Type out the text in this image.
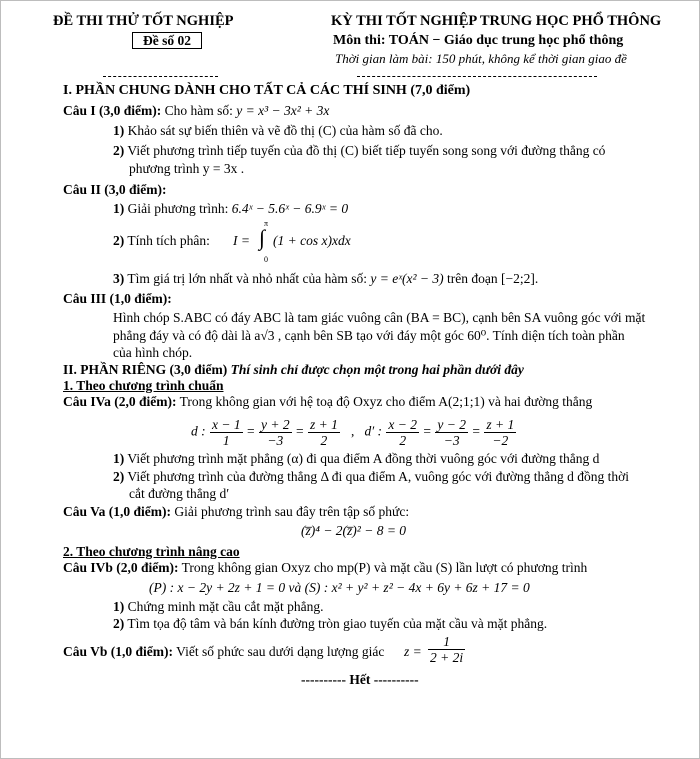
ĐỀ THI THỬ TỐT NGHIỆP
Đề số 02
KỲ THI TỐT NGHIỆP TRUNG HỌC PHỔ THÔNG
Môn thi: TOÁN − Giáo dục trung học phổ thông
Thời gian làm bài: 150 phút, không kể thời gian giao đề
I. PHẦN CHUNG DÀNH CHO TẤT CẢ CÁC THÍ SINH (7,0 điểm)
Câu I (3,0 điểm): Cho hàm số: y = x³ − 3x² + 3x
1) Khảo sát sự biến thiên và vẽ đồ thị (C) của hàm số đã cho.
2) Viết phương trình tiếp tuyến của đồ thị (C) biết tiếp tuyến song song với đường thẳng có
phương trình y = 3x .
Câu II (3,0 điểm):
1) Giải phương trình: 6.4ˣ − 5.6ˣ − 6.9ˣ = 0
2) Tính tích phân: I =
π
∫
0
(1 + cos x)xdx
3) Tìm giá trị lớn nhất và nhỏ nhất của hàm số: y = eˣ(x² − 3) trên đoạn [−2;2].
Câu III (1,0 điểm):
Hình chóp S.ABC có đáy ABC là tam giác vuông cân (BA = BC), cạnh bên SA vuông góc với mặt
phẳng đáy và có độ dài là a√3 , cạnh bên SB tạo với đáy một góc 60⁰. Tính diện tích toàn phần
của hình chóp.
II. PHẦN RIÊNG (3,0 điểm) Thí sinh chỉ được chọn một trong hai phần dưới đây
1. Theo chương trình chuẩn
Câu IVa (2,0 điểm): Trong không gian với hệ toạ độ Oxyz cho điểm A(2;1;1) và hai đường thẳng
d : $\frac{x - 1}{1} = \frac{y + 2}{-3} = \frac{z + 1}{2}$ , d′ : $\frac{x - 2}{2} = \frac{y - 2}{-3} = \frac{z + 1}{-2}$
1) Viết phương trình mặt phẳng (α) đi qua điểm A đồng thời vuông góc với đường thẳng d
2) Viết phương trình của đường thẳng Δ đi qua điểm A, vuông góc với đường thẳng d đồng thời
cắt đường thẳng d′
Câu Va (1,0 điểm): Giải phương trình sau đây trên tập số phức:
(z̅)⁴ − 2(z̅)² − 8 = 0
2. Theo chương trình nâng cao
Câu IVb (2,0 điểm): Trong không gian Oxyz cho mp(P) và mặt cầu (S) lần lượt có phương trình
(P) : x − 2y + 2z + 1 = 0 và (S) : x² + y² + z² − 4x + 6y + 6z + 17 = 0
1) Chứng minh mặt cầu cắt mặt phẳng.
2) Tìm tọa độ tâm và bán kính đường tròn giao tuyến của mặt cầu và mặt phẳng.
Câu Vb (1,0 điểm): Viết số phức sau dưới dạng lượng giác $z = \frac{1}{2 + 2i}$
---------- Hết ----------
